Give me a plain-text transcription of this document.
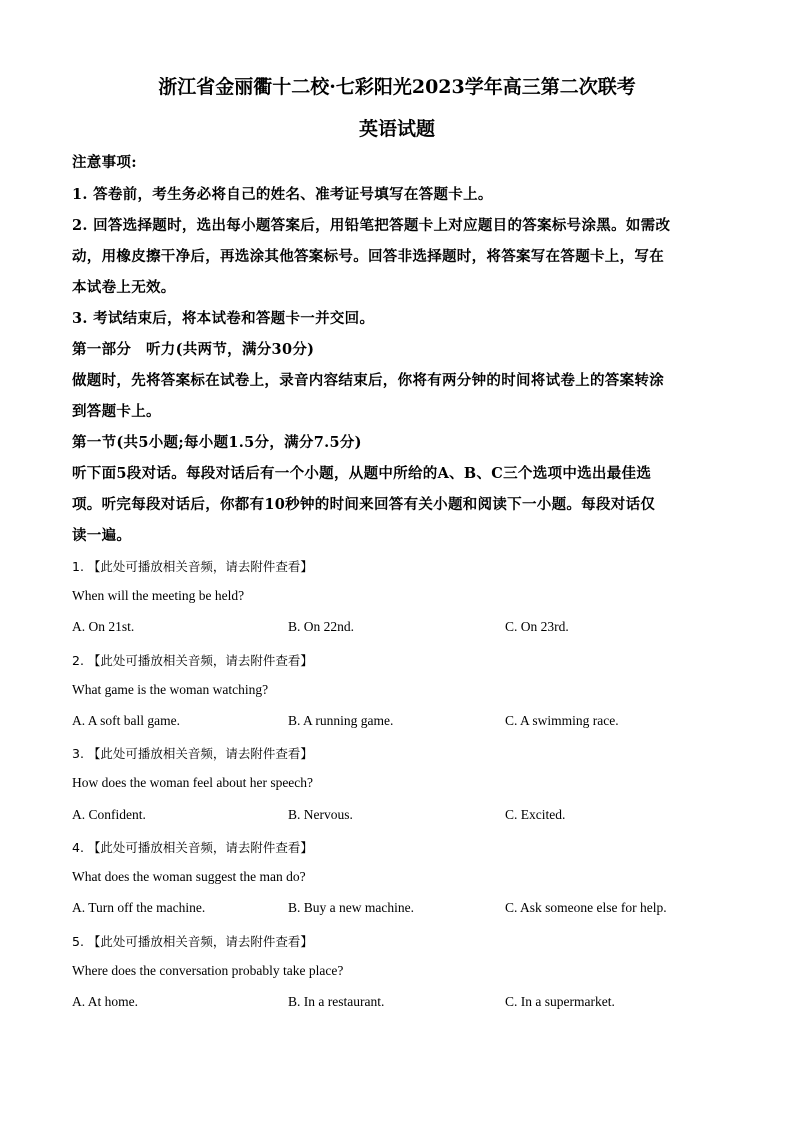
浙江省金丽衢十二校·七彩阳光2023学年高三第二次联考
英语试题
注意事项:
1. 答卷前，考生务必将自己的姓名、准考证号填写在答题卡上。
2. 回答选择题时，选出每小题答案后，用铅笔把答题卡上对应题目的答案标号涂黑。如需改
动，用橡皮擦干净后，再选涂其他答案标号。回答非选择题时，将答案写在答题卡上，写在
本试卷上无效。
3. 考试结束后，将本试卷和答题卡一并交回。
第一部分　听力(共两节，满分30分)
做题时，先将答案标在试卷上，录音内容结束后，你将有两分钟的时间将试卷上的答案转涂
到答题卡上。
第一节(共5小题;每小题1.5分，满分7.5分)
听下面5段对话。每段对话后有一个小题，从题中所给的A、B、C三个选项中选出最佳选
项。听完每段对话后，你都有10秒钟的时间来回答有关小题和阅读下一小题。每段对话仅
读一遍。
1. 【此处可播放相关音频，请去附件查看】
When will the meeting be held?
A. On 21st.	B. On 22nd.	C. On 23rd.
2. 【此处可播放相关音频，请去附件查看】
What game is the woman watching?
A. A soft ball game.	B. A running game.	C. A swimming race.
3. 【此处可播放相关音频，请去附件查看】
How does the woman feel about her speech?
A. Confident.	B. Nervous.	C. Excited.
4. 【此处可播放相关音频，请去附件查看】
What does the woman suggest the man do?
A. Turn off the machine.	B. Buy a new machine.	C. Ask someone else for help.
5. 【此处可播放相关音频，请去附件查看】
Where does the conversation probably take place?
A. At home.	B. In a restaurant.	C. In a supermarket.
